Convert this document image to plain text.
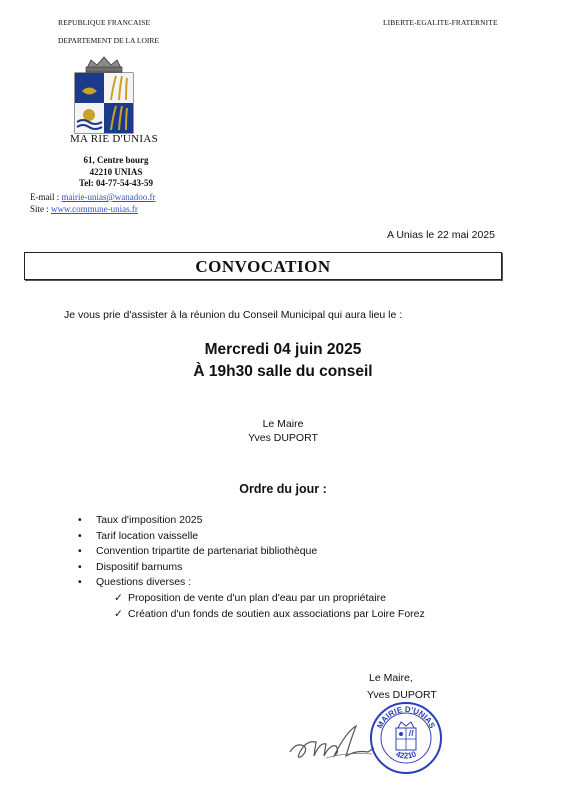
REPUBLIQUE FRANCAISE	LIBERTE-EGALITE-FRATERNITE
DEPARTEMENT DE LA LOIRE
MA RIE D'UNIAS
61, Centre bourg
42210 UNIAS
Tel: 04-77-54-43-59
E-mail : mairie-unias@wanadoo.fr
Site : www.commune-unias.fr
A Unias le 22 mai 2025
CONVOCATION
Je vous prie d'assister à la réunion du Conseil Municipal qui aura lieu le :
Mercredi 04 juin 2025
À 19h30 salle du conseil
Le Maire
Yves DUPORT
Ordre du jour :
• Taux d'imposition 2025
• Tarif location vaisselle
• Convention tripartite de partenariat bibliothèque
• Dispositif barnums
• Questions diverses :
✓ Proposition de vente d'un plan d'eau par un propriétaire
✓ Création d'un fonds de soutien aux associations par Loire Forez
Le Maire,
Yves DUPORT
MAIRIE D'UNIAS
42210
